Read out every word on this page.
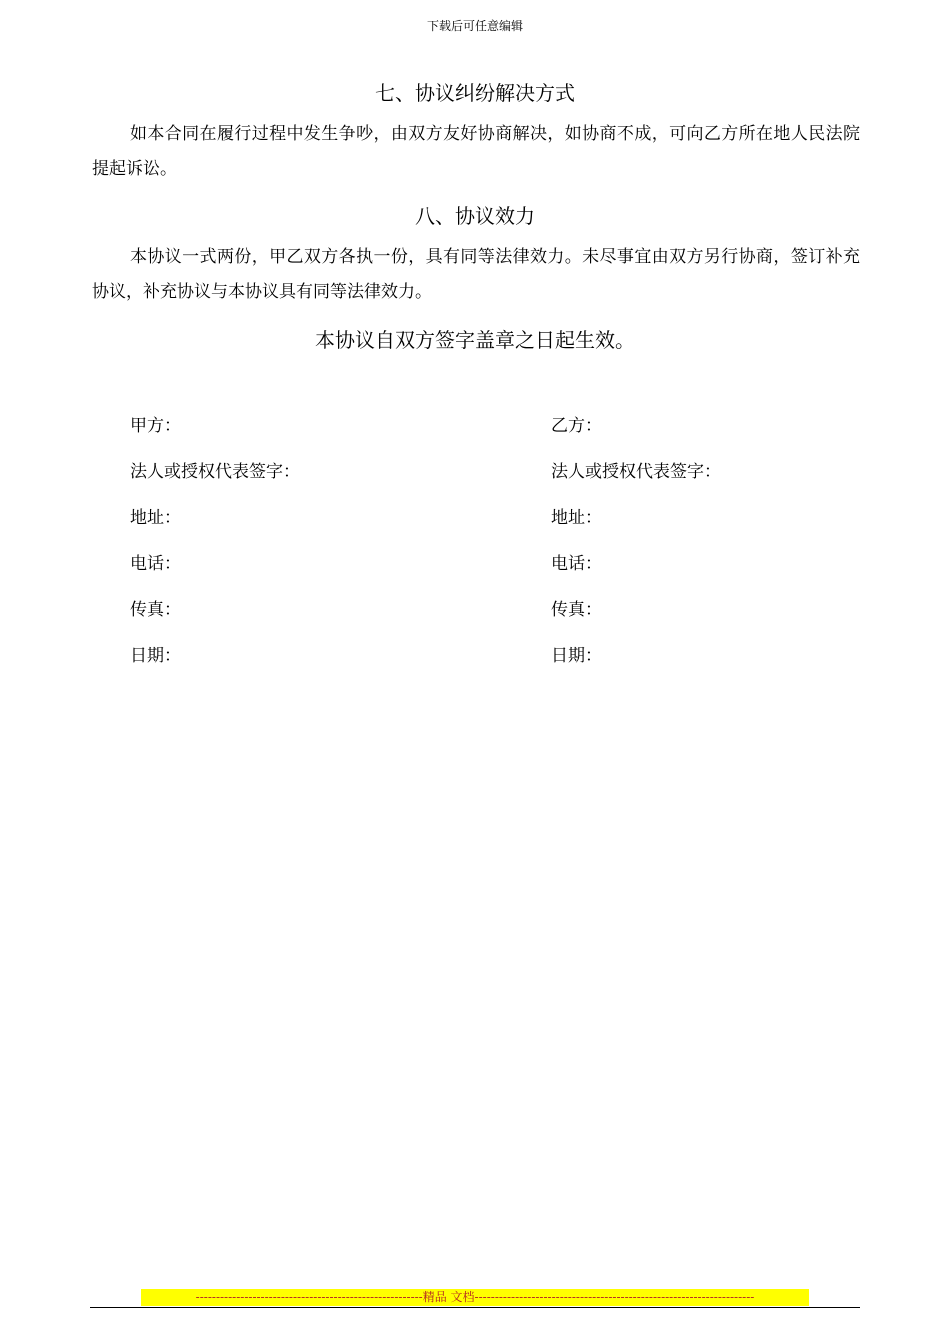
下载后可任意编辑
七、协议纠纷解决方式
如本合同在履行过程中发生争吵，由双方友好协商解决，如协商不成，可向乙方所在地人民法院提起诉讼。
八、协议效力
本协议一式两份，甲乙双方各执一份，具有同等法律效力。未尽事宜由双方另行协商，签订补充协议，补充协议与本协议具有同等法律效力。
本协议自双方签字盖章之日起生效。
甲方：
法人或授权代表签字：
地址：
电话：
传真：
日期：
乙方：
法人或授权代表签字：
地址：
电话：
传真：
日期：
--------------------------------------------------------精品 文档---------------------------------------------------------------------
